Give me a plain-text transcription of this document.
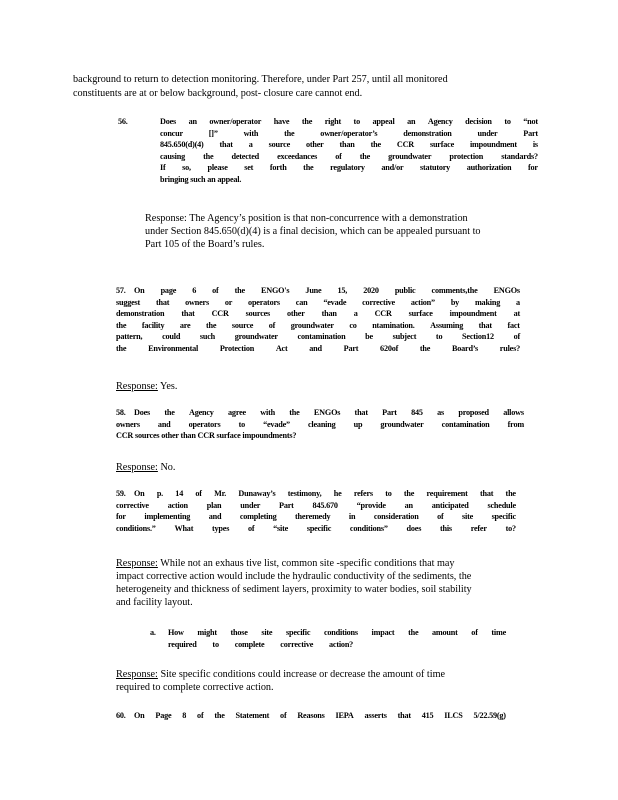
background to return to detection monitoring. Therefore, under Part 257, until all monitored
constituents are at or below background, post- closure care cannot end.
56.	Does an owner/operator have the right to appeal an Agency decision to “not
concur	[]”	with	the	owner/operator’s	demonstration	under	Part
845.650(d)(4) that a source other than the CCR surface impoundment is
causing the detected exceedances of the groundwater protection standards?
If so, please set forth the regulatory and/or statutory authorization for
bringing such an appeal.
Response: The Agency’s position is that non-concurrence with a demonstration
under Section 845.650(d)(4) is a final decision, which can be appealed pursuant to
Part 105 of the Board’s rules.
57.	On page 6 of the ENGO's June 15, 2020 public comments,the ENGOs
suggest that owners or operators can “evade corrective action” by making a
demonstration that CCR sources other than a CCR surface impoundment at
the facility are the source of groundwater co ntamination. Assuming that fact
pattern, could such groundwater contamination be subject to Section12 of
the	Environmental	Protection	Act	and	Part	620of	the	Board’s	rules?
Response: Yes.
58.	Does the Agency agree with the ENGOs that Part 845 as proposed allows
owners and operators to “evade” cleaning up groundwater contamination from
CCR sources other than CCR surface impoundments?
Response: No.
59.	On p. 14 of Mr. Dunaway’s testimony, he refers to the requirement that the
corrective action plan under Part 845.670 “provide an anticipated schedule
for implementing and completing theremedy in consideration of site specific
conditions.” What types of “site specific conditions” does this refer to?
Response: While not an exhaus tive list, common site -specific conditions that may
impact corrective action would include the hydraulic conductivity of the sediments, the
heterogeneity and thickness of sediment layers, proximity to water bodies, soil stability
and facility layout.
a.	How might those site specific conditions impact the amount of time
required to complete corrective action?
Response: Site specific conditions could increase or decrease the amount of time
required to complete corrective action.
60.	On Page 8 of the Statement of Reasons IEPA asserts that 415 ILCS 5/22.59(g)
